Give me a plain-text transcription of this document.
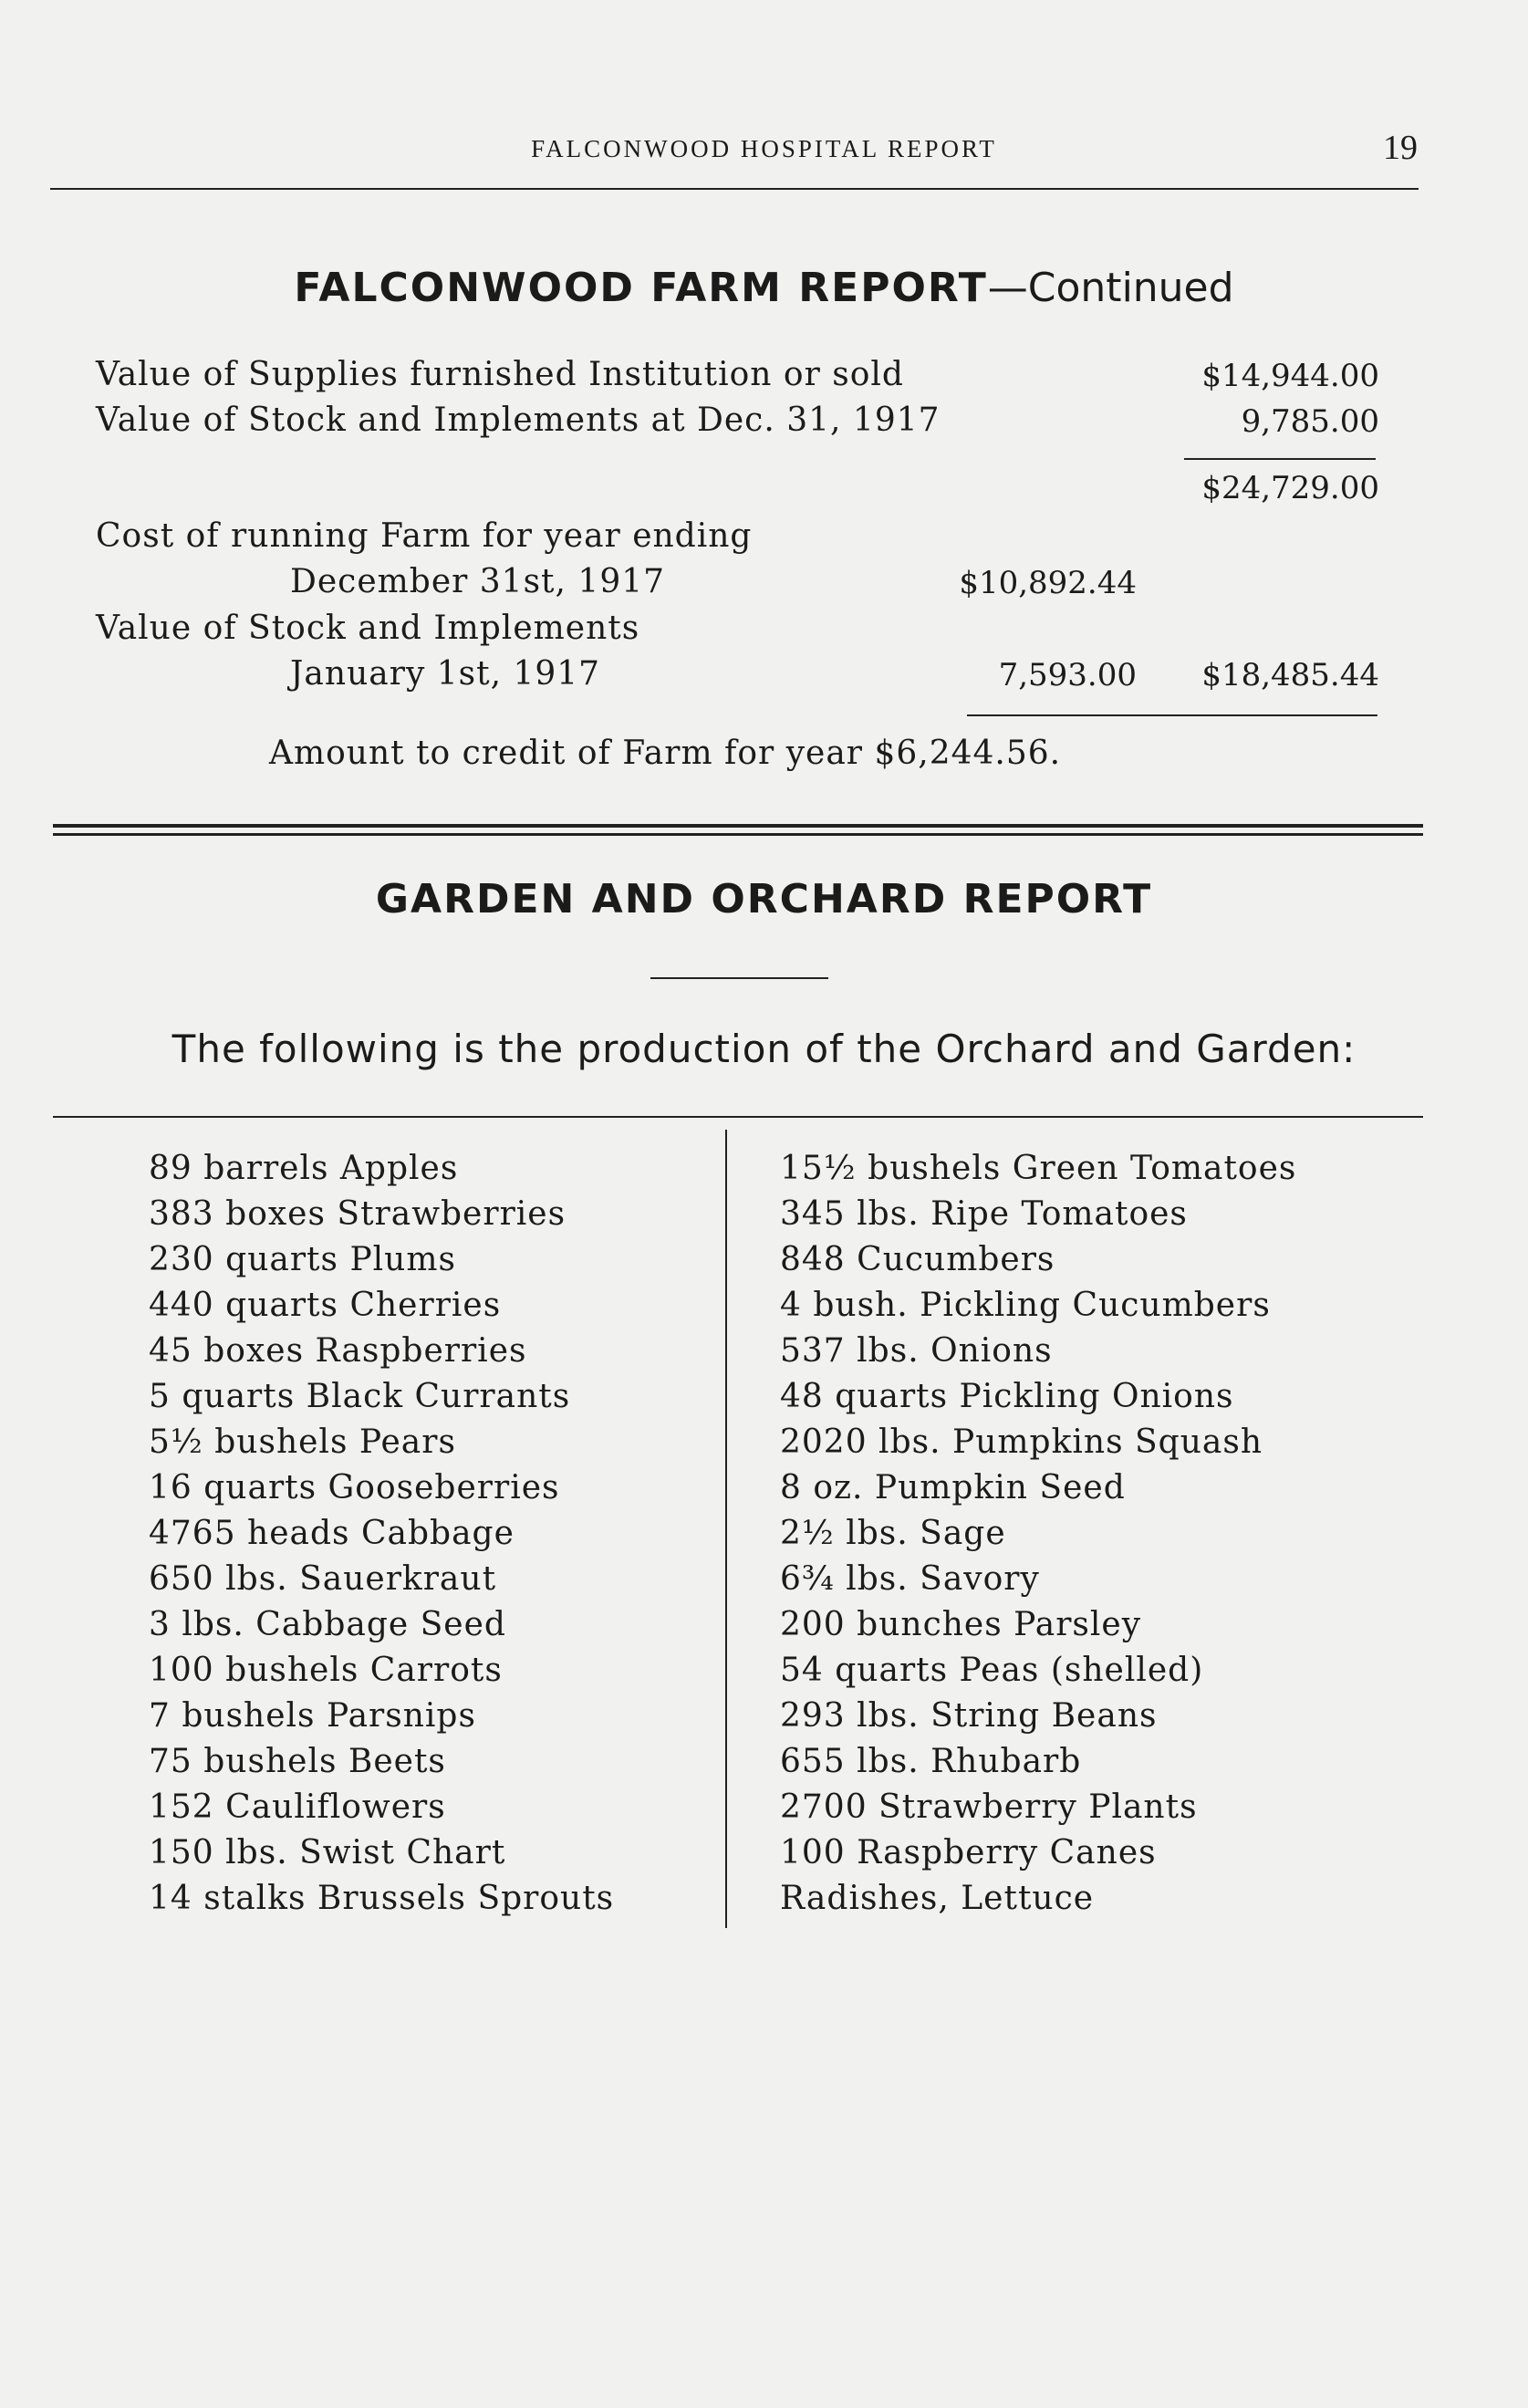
FALCONWOOD HOSPITAL REPORT	19
FALCONWOOD FARM REPORT—Continued
Value of Supplies furnished Institution or sold	$14,944.00
Value of Stock and Implements at Dec. 31, 1917	9,785.00
$24,729.00
Cost of running Farm for year ending
December 31st, 1917	$10,892.44
Value of Stock and Implements
January 1st, 1917	7,593.00	$18,485.44
Amount to credit of Farm for year $6,244.56.
GARDEN AND ORCHARD REPORT
The following is the production of the Orchard and Garden:
89 barrels Apples
383 boxes Strawberries
230 quarts Plums
440 quarts Cherries
45 boxes Raspberries
5 quarts Black Currants
5½ bushels Pears
16 quarts Gooseberries
4765 heads Cabbage
650 lbs. Sauerkraut
3 lbs. Cabbage Seed
100 bushels Carrots
7 bushels Parsnips
75 bushels Beets
152 Cauliflowers
150 lbs. Swist Chart
14 stalks Brussels Sprouts
15½ bushels Green Tomatoes
345 lbs. Ripe Tomatoes
848 Cucumbers
4 bush. Pickling Cucumbers
537 lbs. Onions
48 quarts Pickling Onions
2020 lbs. Pumpkins Squash
8 oz. Pumpkin Seed
2½ lbs. Sage
6¾ lbs. Savory
200 bunches Parsley
54 quarts Peas (shelled)
293 lbs. String Beans
655 lbs. Rhubarb
2700 Strawberry Plants
100 Raspberry Canes
Radishes, Lettuce
